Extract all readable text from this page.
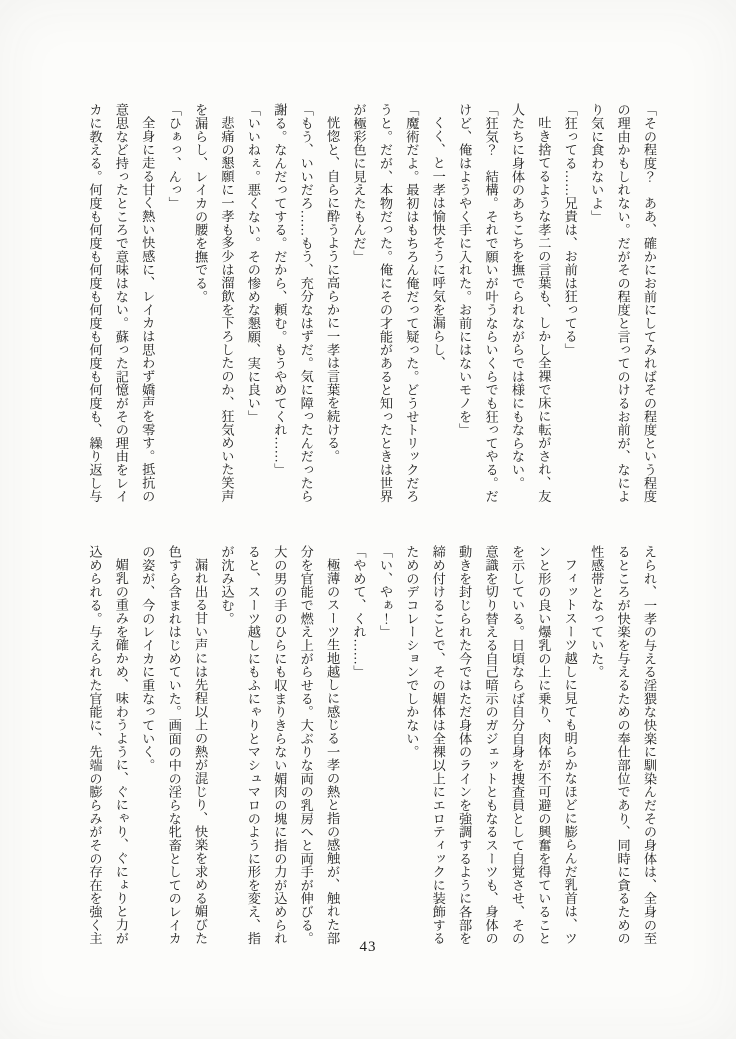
「その程度？　ああ、確かにお前にしてみればその程度という程度
の理由かもしれない。だがその程度と言ってのけるお前が、なによ
り気に食わないよ」
「狂ってる……兄貴は、お前は狂ってる」
吐き捨てるような孝二の言葉も、しかし全裸で床に転がされ、友
人たちに身体のあちこちを撫でられながらでは様にもならない。
「狂気？　結構。それで願いが叶うならいくらでも狂ってやる。だ
けど、俺はようやく手に入れた。お前にはないモノを」
くく、と一孝は愉快そうに呼気を漏らし、
「魔術だよ。最初はもちろん俺だって疑った。どうせトリックだろ
うと。だが、本物だった。俺にその才能があると知ったときは世界
が極彩色に見えたもんだ」
恍惚と、自らに酔うように高らかに一孝は言葉を続ける。
「もう、いいだろ……もう、充分なはずだ。気に障ったんだったら
謝る。なんだってする。だから、頼む。もうやめてくれ……」
「いいねぇ。悪くない。その惨めな懇願、実に良い」
悲痛の懇願に一孝も多少は溜飲を下ろしたのか、狂気めいた笑声
を漏らし、レイカの腰を撫でる。
「ひぁっ、んっ」
全身に走る甘く熱い快感に、レイカは思わず嬌声を零す。抵抗の
意思など持ったところで意味はない。蘇った記憶がその理由をレイ
カに教える。何度も何度も何度も何度も何度も何度も、繰り返し与
えられ、一孝の与える淫猥な快楽に馴染んだその身体は、全身の至
るところが快楽を与えるための奉仕部位であり、同時に貪るための
性感帯となっていた。
フィットスーツ越しに見ても明らかなほどに膨らんだ乳首は、ツ
ンと形の良い爆乳の上に乗り、肉体が不可避の興奮を得ていること
を示している。日頃ならば自分自身を捜査員として自覚させ、その
意識を切り替える自己暗示のガジェットともなるスーツも、身体の
動きを封じられた今ではただ身体のラインを強調するように各部を
締め付けることで、その媚体は全裸以上にエロティックに装飾する
ためのデコレーションでしかない。
「い、やぁ！」
「やめて、くれ……」
極薄のスーツ生地越しに感じる一孝の熱と指の感触が、触れた部
分を官能で燃え上がらせる。大ぶりな両の乳房へと両手が伸びる。
大の男の手のひらにも収まりきらない媚肉の塊に指の力が込められ
ると、スーツ越しにもふにゃりとマシュマロのように形を変え、指
が沈み込む。
漏れ出る甘い声には先程以上の熱が混じり、快楽を求める媚びた
色すら含まれはじめていた。画面の中の淫らな牝畜としてのレイカ
の姿が、今のレイカに重なっていく。
媚乳の重みを確かめ、味わうように、ぐにゃり、ぐにょりと力が
込められる。与えられた官能に、先端の膨らみがその存在を強く主
43
